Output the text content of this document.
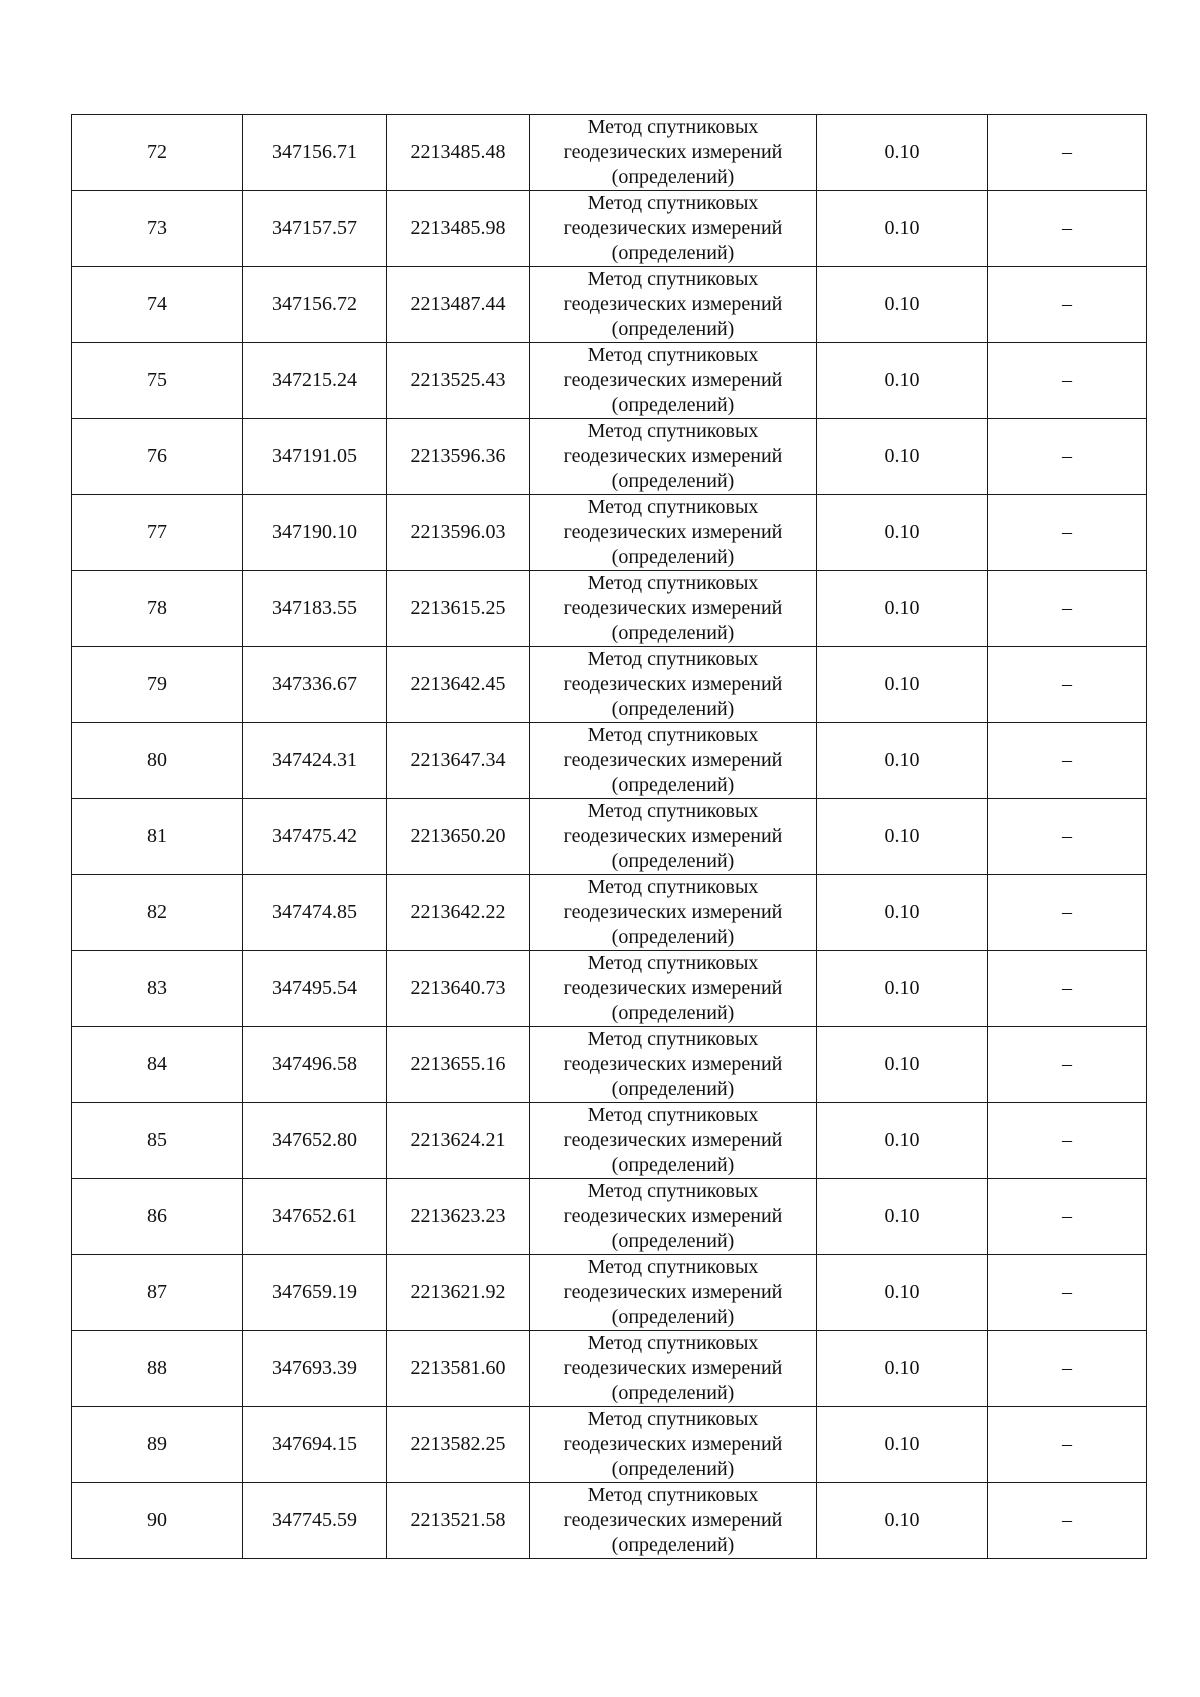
72	347156.71	2213485.48	Метод спутниковых
геодезических измерений
(определений)	0.10	–
73	347157.57	2213485.98	Метод спутниковых
геодезических измерений
(определений)	0.10	–
74	347156.72	2213487.44	Метод спутниковых
геодезических измерений
(определений)	0.10	–
75	347215.24	2213525.43	Метод спутниковых
геодезических измерений
(определений)	0.10	–
76	347191.05	2213596.36	Метод спутниковых
геодезических измерений
(определений)	0.10	–
77	347190.10	2213596.03	Метод спутниковых
геодезических измерений
(определений)	0.10	–
78	347183.55	2213615.25	Метод спутниковых
геодезических измерений
(определений)	0.10	–
79	347336.67	2213642.45	Метод спутниковых
геодезических измерений
(определений)	0.10	–
80	347424.31	2213647.34	Метод спутниковых
геодезических измерений
(определений)	0.10	–
81	347475.42	2213650.20	Метод спутниковых
геодезических измерений
(определений)	0.10	–
82	347474.85	2213642.22	Метод спутниковых
геодезических измерений
(определений)	0.10	–
83	347495.54	2213640.73	Метод спутниковых
геодезических измерений
(определений)	0.10	–
84	347496.58	2213655.16	Метод спутниковых
геодезических измерений
(определений)	0.10	–
85	347652.80	2213624.21	Метод спутниковых
геодезических измерений
(определений)	0.10	–
86	347652.61	2213623.23	Метод спутниковых
геодезических измерений
(определений)	0.10	–
87	347659.19	2213621.92	Метод спутниковых
геодезических измерений
(определений)	0.10	–
88	347693.39	2213581.60	Метод спутниковых
геодезических измерений
(определений)	0.10	–
89	347694.15	2213582.25	Метод спутниковых
геодезических измерений
(определений)	0.10	–
90	347745.59	2213521.58	Метод спутниковых
геодезических измерений
(определений)	0.10	–
